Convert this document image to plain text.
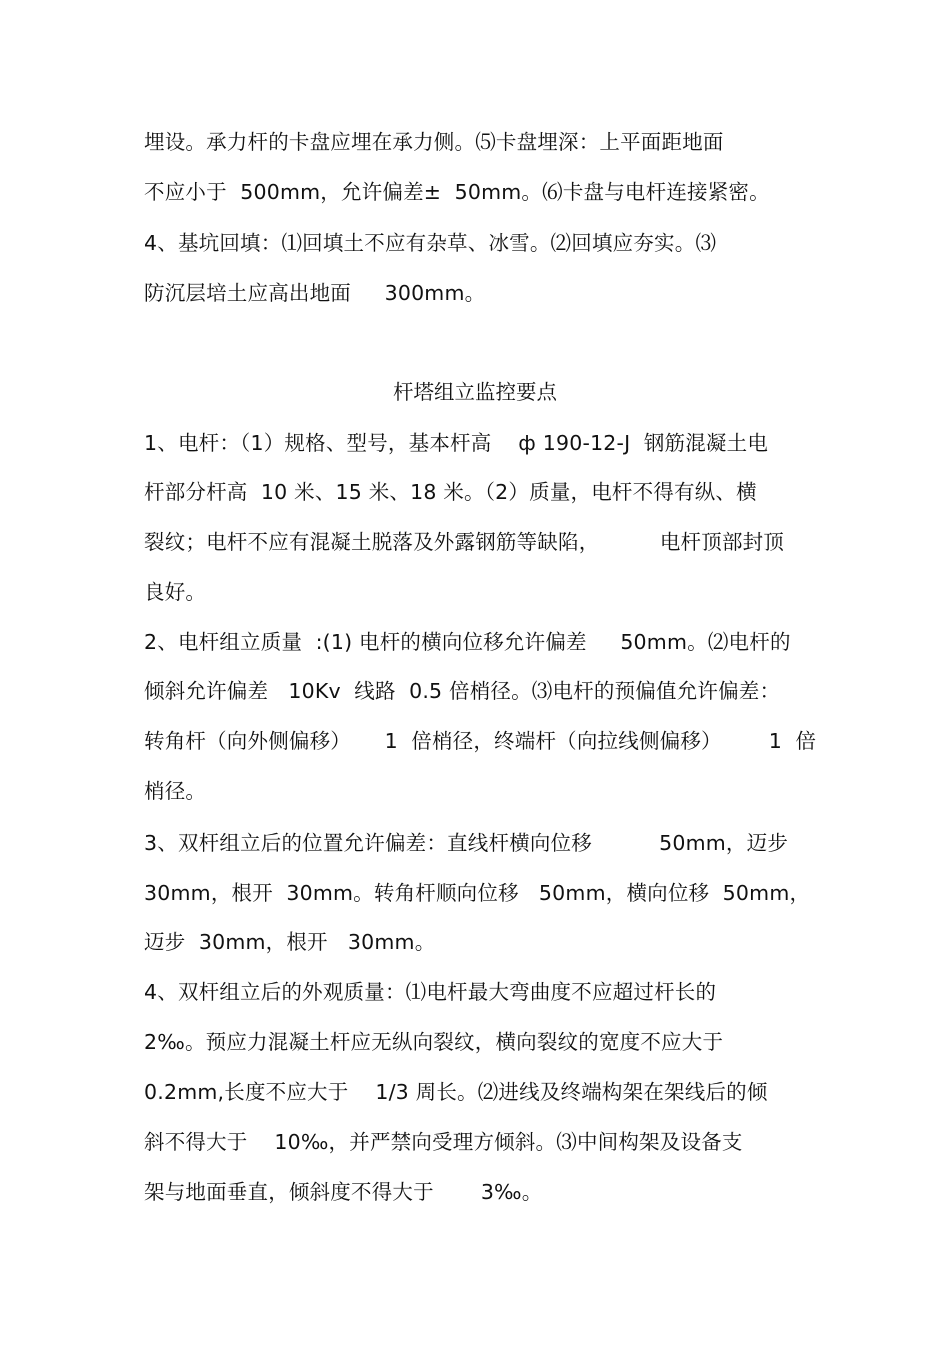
埋设。承力杆的卡盘应埋在承力侧。⑸卡盘埋深：上平面距地面
不应小于  500mm，允许偏差±  50mm。⑹卡盘与电杆连接紧密。
4、基坑回填：⑴回填土不应有杂草、冰雪。⑵回填应夯实。⑶
防沉层培土应高出地面     300mm。
杆塔组立监控要点
1、电杆：（1）规格、型号，基本杆高    ф 190-12-J  钢筋混凝土电
杆部分杆高  10 米、15 米、18 米。（2）质量，电杆不得有纵、横
裂纹；电杆不应有混凝土脱落及外露钢筋等缺陷，         电杆顶部封顶
良好。
2、电杆组立质量  :(1) 电杆的横向位移允许偏差     50mm。⑵电杆的
倾斜允许偏差   10Kv  线路  0.5 倍梢径。⑶电杆的预偏值允许偏差：
转角杆（向外侧偏移）     1  倍梢径，终端杆（向拉线侧偏移）       1  倍
梢径。
3、双杆组立后的位置允许偏差：直线杆横向位移          50mm，迈步
30mm，根开  30mm。转角杆顺向位移   50mm，横向位移  50mm，
迈步  30mm，根开   30mm。
4、双杆组立后的外观质量：⑴电杆最大弯曲度不应超过杆长的
2‰。预应力混凝土杆应无纵向裂纹，横向裂纹的宽度不应大于
0.2mm,长度不应大于    1/3 周长。⑵进线及终端构架在架线后的倾
斜不得大于    10‰，并严禁向受理方倾斜。⑶中间构架及设备支
架与地面垂直，倾斜度不得大于       3‰。
